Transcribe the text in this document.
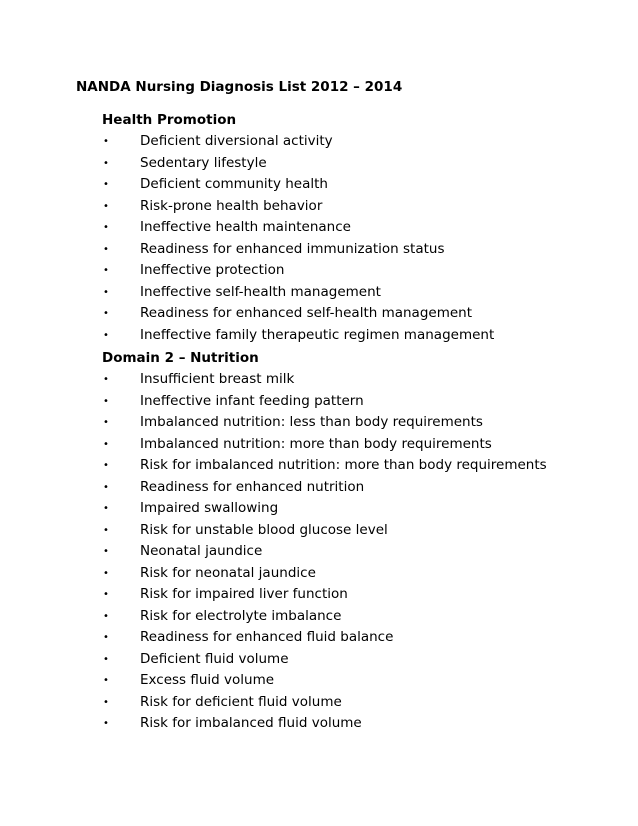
NANDA Nursing Diagnosis List 2012 – 2014
Health Promotion
• Deficient diversional activity
• Sedentary lifestyle
• Deficient community health
• Risk-prone health behavior
• Ineffective health maintenance
• Readiness for enhanced immunization status
• Ineffective protection
• Ineffective self-health management
• Readiness for enhanced self-health management
• Ineffective family therapeutic regimen management
Domain 2 – Nutrition
• Insufficient breast milk
• Ineffective infant feeding pattern
• Imbalanced nutrition: less than body requirements
• Imbalanced nutrition: more than body requirements
• Risk for imbalanced nutrition: more than body requirements
• Readiness for enhanced nutrition
• Impaired swallowing
• Risk for unstable blood glucose level
• Neonatal jaundice
• Risk for neonatal jaundice
• Risk for impaired liver function
• Risk for electrolyte imbalance
• Readiness for enhanced fluid balance
• Deficient fluid volume
• Excess fluid volume
• Risk for deficient fluid volume
• Risk for imbalanced fluid volume
